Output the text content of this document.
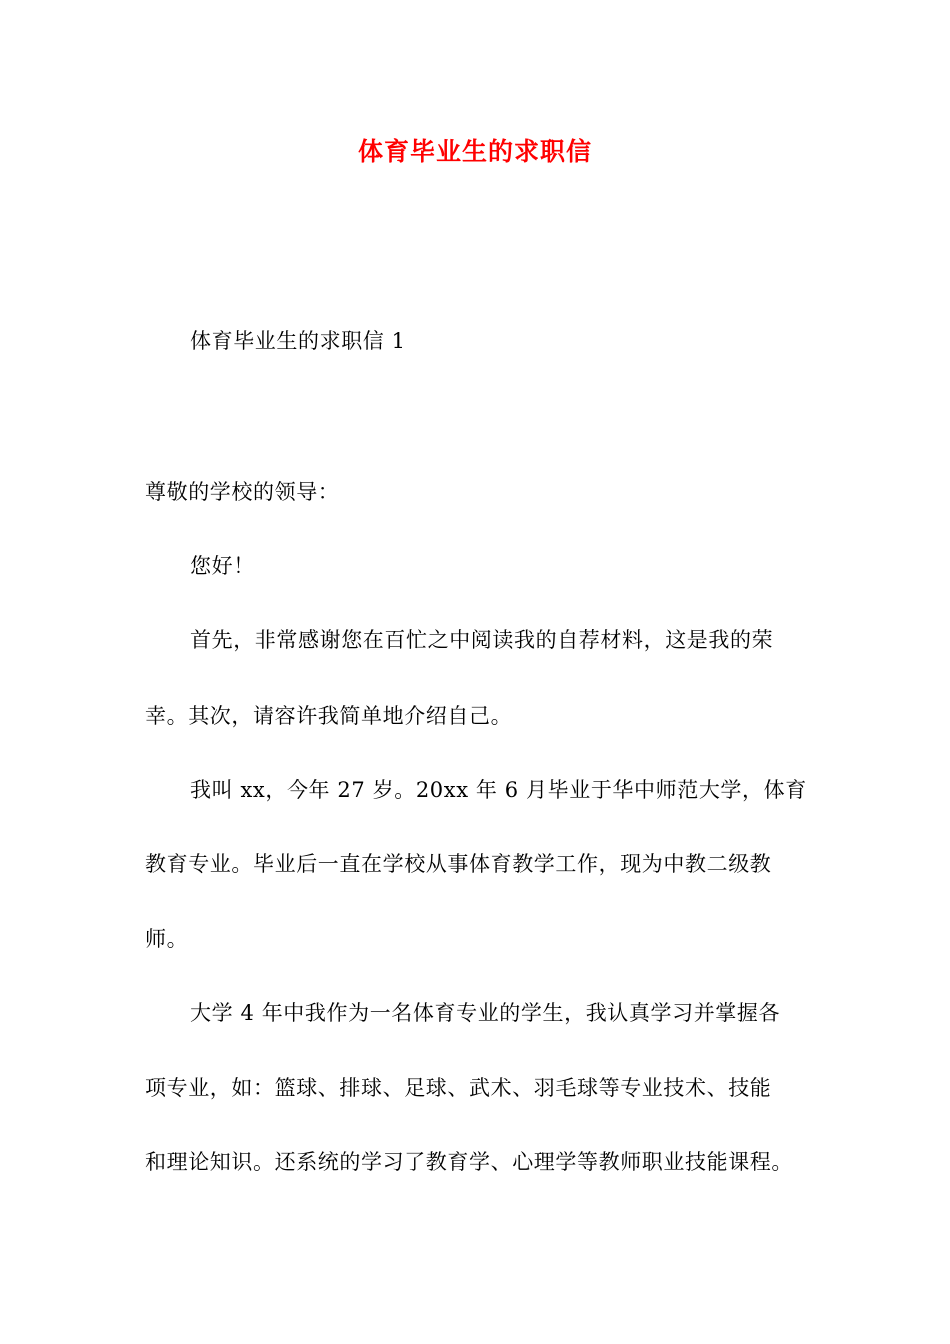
体育毕业生的求职信
体育毕业生的求职信 1
尊敬的学校的领导：
您好！
首先，非常感谢您在百忙之中阅读我的自荐材料，这是我的荣
幸。其次，请容许我简单地介绍自己。
我叫 xx，今年 27 岁。20xx 年 6 月毕业于华中师范大学，体育
教育专业。毕业后一直在学校从事体育教学工作，现为中教二级教
师。
大学 4 年中我作为一名体育专业的学生，我认真学习并掌握各
项专业，如：篮球、排球、足球、武术、羽毛球等专业技术、技能
和理论知识。还系统的学习了教育学、心理学等教师职业技能课程。
